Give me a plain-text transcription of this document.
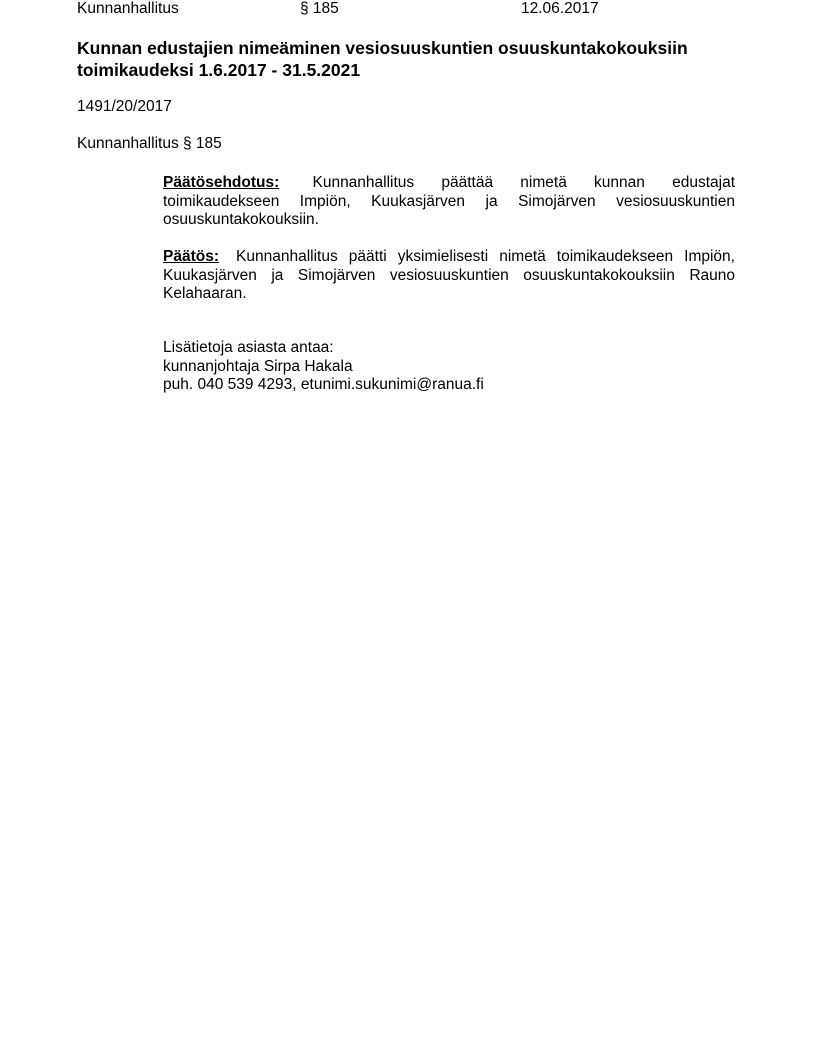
Kunnanhallitus	§ 185	12.06.2017
Kunnan edustajien nimeäminen vesiosuuskuntien osuuskuntakokouksiin toimikaudeksi 1.6.2017 - 31.5.2021
1491/20/2017
Kunnanhallitus § 185

Päätösehdotus: Kunnanhallitus päättää nimetä kunnan edustajat toimikaudekseen Impiön, Kuukasjärven ja Simojärven vesiosuuskuntien osuuskuntakokouksiin.

Päätös: Kunnanhallitus päätti yksimielisesti nimetä toimikaudekseen Impiön, Kuukasjärven ja Simojärven vesiosuuskuntien osuuskuntakokouksiin Rauno Kelahaaran.

Lisätietoja asiasta antaa:
kunnanjohtaja Sirpa Hakala
puh. 040 539 4293, etunimi.sukunimi@ranua.fi
